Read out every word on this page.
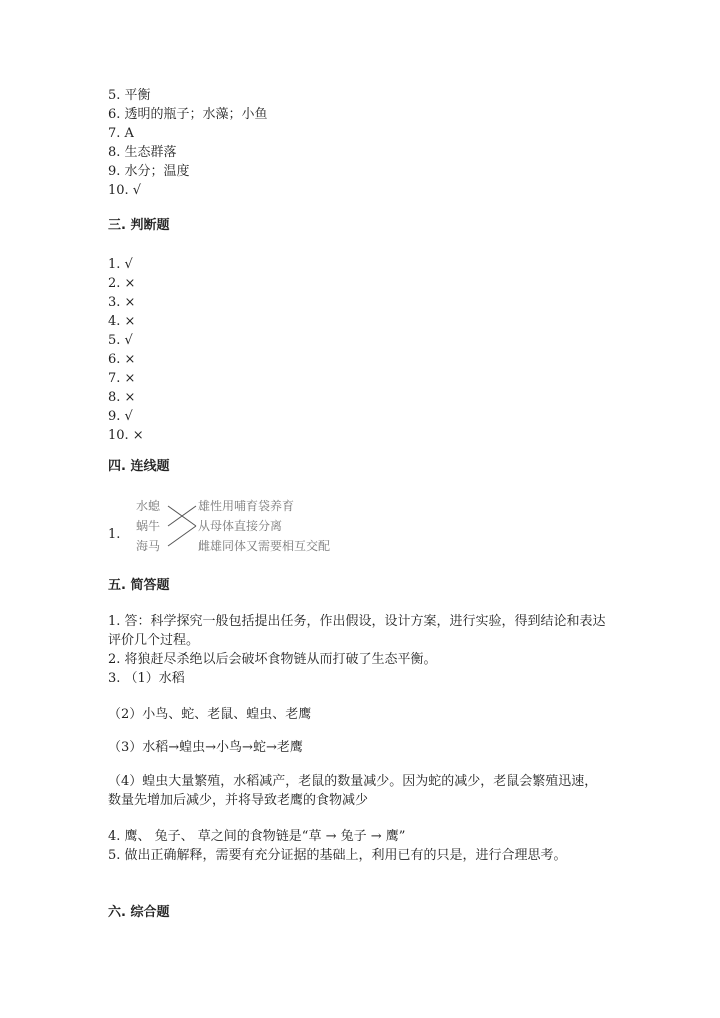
5. 平衡
6. 透明的瓶子；水藻；小鱼
7. A
8. 生态群落
9. 水分；温度
10. √
三. 判断题
1. √
2. ×
3. ×
4. ×
5. √
6. ×
7. ×
8. ×
9. √
10. ×
四. 连线题
1.
水螅
蜗牛
海马
雄性用哺育袋养育
从母体直接分离
雌雄同体又需要相互交配
五. 简答题
1. 答：科学探究一般包括提出任务，作出假设，设计方案，进行实验，得到结论和表达评价几个过程。
2. 将狼赶尽杀绝以后会破坏食物链从而打破了生态平衡。
3. （1）水稻
（2）小鸟、蛇、老鼠、蝗虫、老鹰
（3）水稻→蝗虫→小鸟→蛇→老鹰
（4）蝗虫大量繁殖，水稻减产，老鼠的数量减少。因为蛇的减少，老鼠会繁殖迅速，数量先增加后减少，并将导致老鹰的食物减少
4. 鹰、 兔子、 草之间的食物链是“草 → 兔子 → 鹰”
5. 做出正确解释，需要有充分证据的基础上，利用已有的只是，进行合理思考。
六. 综合题
